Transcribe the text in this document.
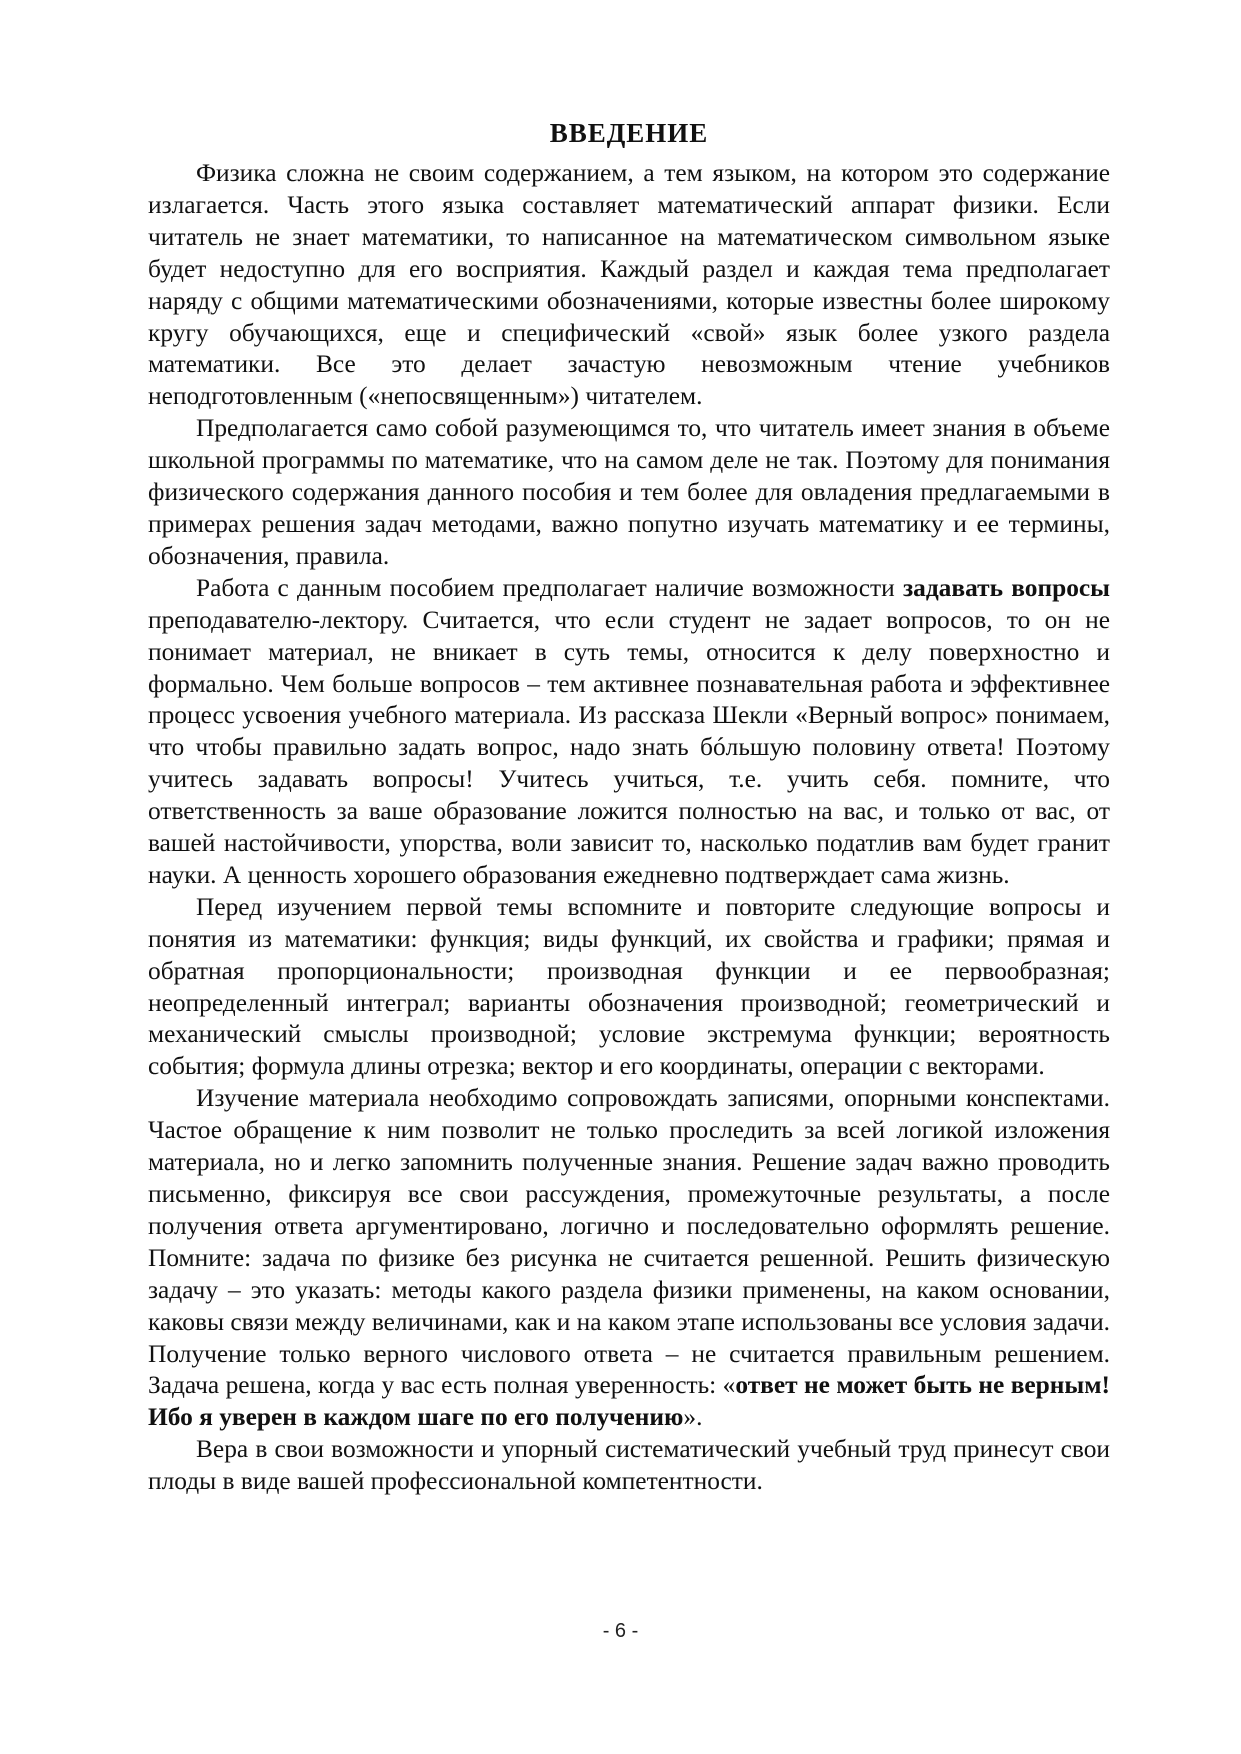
ВВЕДЕНИЕ

Физика сложна не своим содержанием, а тем языком, на котором это содержание излагается. Часть этого языка составляет математический аппарат физики. Если читатель не знает математики, то написанное на математическом символьном языке будет недоступно для его восприятия. Каждый раздел и каждая тема предполагает наряду с общими математическими обозначениями, которые известны более широкому кругу обучающихся, еще и специфический «свой» язык более узкого раздела математики. Все это делает зачастую невозможным чтение учебников неподготовленным («непосвященным») читателем.

Предполагается само собой разумеющимся то, что читатель имеет знания в объеме школьной программы по математике, что на самом деле не так. Поэтому для понимания физического содержания данного пособия и тем более для овладения предлагаемыми в примерах решения задач методами, важно попутно изучать математику и ее термины, обозначения, правила.

Работа с данным пособием предполагает наличие возможности задавать вопросы преподавателю-лектору. Считается, что если студент не задает вопросов, то он не понимает материал, не вникает в суть темы, относится к делу поверхностно и формально. Чем больше вопросов – тем активнее познавательная работа и эффективнее процесс усвоения учебного материала. Из рассказа Шекли «Верный вопрос» понимаем, что чтобы правильно задать вопрос, надо знать бóльшую половину ответа! Поэтому учитесь задавать вопросы! Учитесь учиться, т.е. учить себя. помните, что ответственность за ваше образование ложится полностью на вас, и только от вас, от вашей настойчивости, упорства, воли зависит то, насколько податлив вам будет гранит науки. А ценность хорошего образования ежедневно подтверждает сама жизнь.

Перед изучением первой темы вспомните и повторите следующие вопросы и понятия из математики: функция; виды функций, их свойства и графики; прямая и обратная пропорциональности; производная функции и ее первообразная; неопределенный интеграл; варианты обозначения производной; геометрический и механический смыслы производной; условие экстремума функции; вероятность события; формула длины отрезка; вектор и его координаты, операции с векторами.

Изучение материала необходимо сопровождать записями, опорными конспектами. Частое обращение к ним позволит не только проследить за всей логикой изложения материала, но и легко запомнить полученные знания. Решение задач важно проводить письменно, фиксируя все свои рассуждения, промежуточные результаты, а после получения ответа аргументировано, логично и последовательно оформлять решение. Помните: задача по физике без рисунка не считается решенной. Решить физическую задачу – это указать: методы какого раздела физики применены, на каком основании, каковы связи между величинами, как и на каком этапе использованы все условия задачи. Получение только верного числового ответа – не считается правильным решением. Задача решена, когда у вас есть полная уверенность: «ответ не может быть не верным! Ибо я уверен в каждом шаге по его получению».

Вера в свои возможности и упорный систематический учебный труд принесут свои плоды в виде вашей профессиональной компетентности.

- 6 -
